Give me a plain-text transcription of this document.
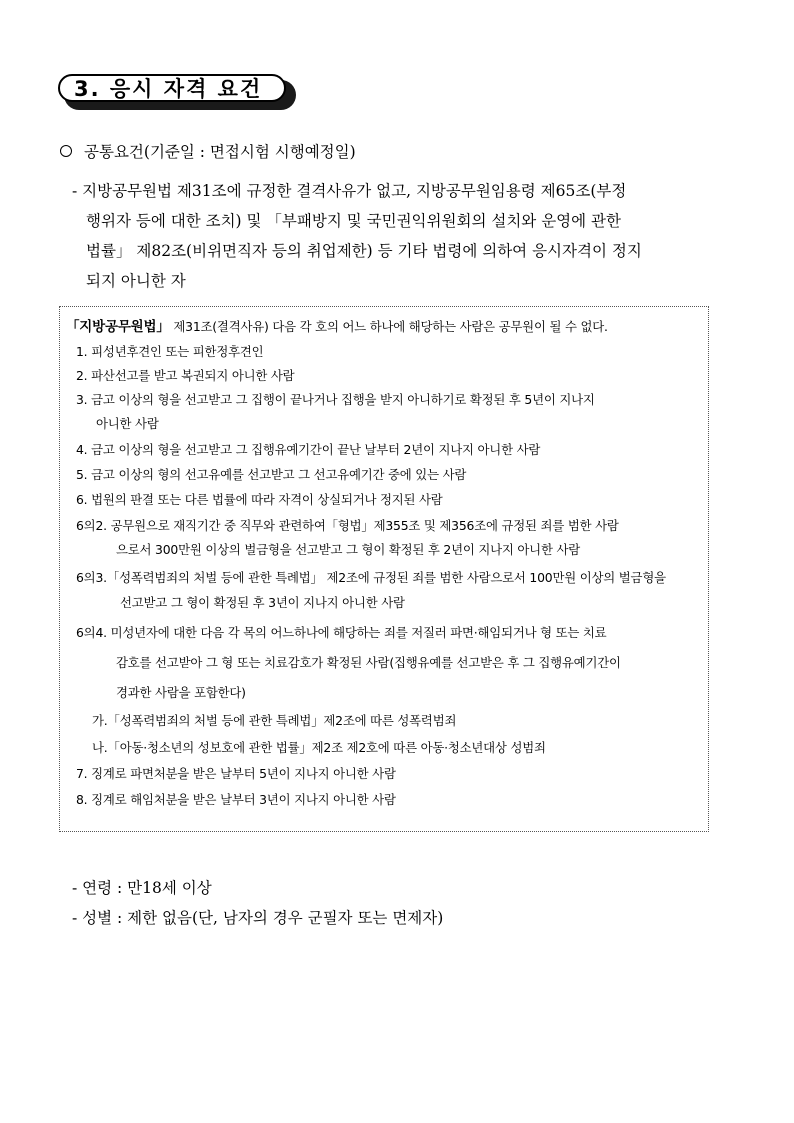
3. 응시 자격 요건
공통요건(기준일 : 면접시험 시행예정일)
- 지방공무원법 제31조에 규정한 결격사유가 없고, 지방공무원임용령 제65조(부정
행위자 등에 대한 조치) 및 「부패방지 및 국민권익위원회의 설치와 운영에 관한
법률」 제82조(비위면직자 등의 취업제한) 등 기타 법령에 의하여 응시자격이 정지
되지 아니한 자
「지방공무원법」 제31조(결격사유) 다음 각 호의 어느 하나에 해당하는 사람은 공무원이 될 수 없다.
1. 피성년후견인 또는 피한정후견인
2. 파산선고를 받고 복권되지 아니한 사람
3. 금고 이상의 형을 선고받고 그 집행이 끝나거나 집행을 받지 아니하기로 확정된 후 5년이 지나지
아니한 사람
4. 금고 이상의 형을 선고받고 그 집행유예기간이 끝난 날부터 2년이 지나지 아니한 사람
5. 금고 이상의 형의 선고유예를 선고받고 그 선고유예기간 중에 있는 사람
6. 법원의 판결 또는 다른 법률에 따라 자격이 상실되거나 정지된 사람
6의2. 공무원으로 재직기간 중 직무와 관련하여「형법」제355조 및 제356조에 규정된 죄를 범한 사람
으로서 300만원 이상의 벌금형을 선고받고 그 형이 확정된 후 2년이 지나지 아니한 사람
6의3.「성폭력범죄의 처벌 등에 관한 특례법」 제2조에 규정된 죄를 범한 사람으로서 100만원 이상의 벌금형을
선고받고 그 형이 확정된 후 3년이 지나지 아니한 사람
6의4. 미성년자에 대한 다음 각 목의 어느하나에 해당하는 죄를 저질러 파면·해임되거나 형 또는 치료
감호를 선고받아 그 형 또는 치료감호가 확정된 사람(집행유예를 선고받은 후 그 집행유예기간이
경과한 사람을 포함한다)
가.「성폭력범죄의 처벌 등에 관한 특례법」제2조에 따른 성폭력범죄
나.「아동·청소년의 성보호에 관한 법률」제2조 제2호에 따른 아동·청소년대상 성범죄
7. 징계로 파면처분을 받은 날부터 5년이 지나지 아니한 사람
8. 징계로 해임처분을 받은 날부터 3년이 지나지 아니한 사람
- 연령 : 만18세 이상
- 성별 : 제한 없음(단, 남자의 경우 군필자 또는 면제자)
